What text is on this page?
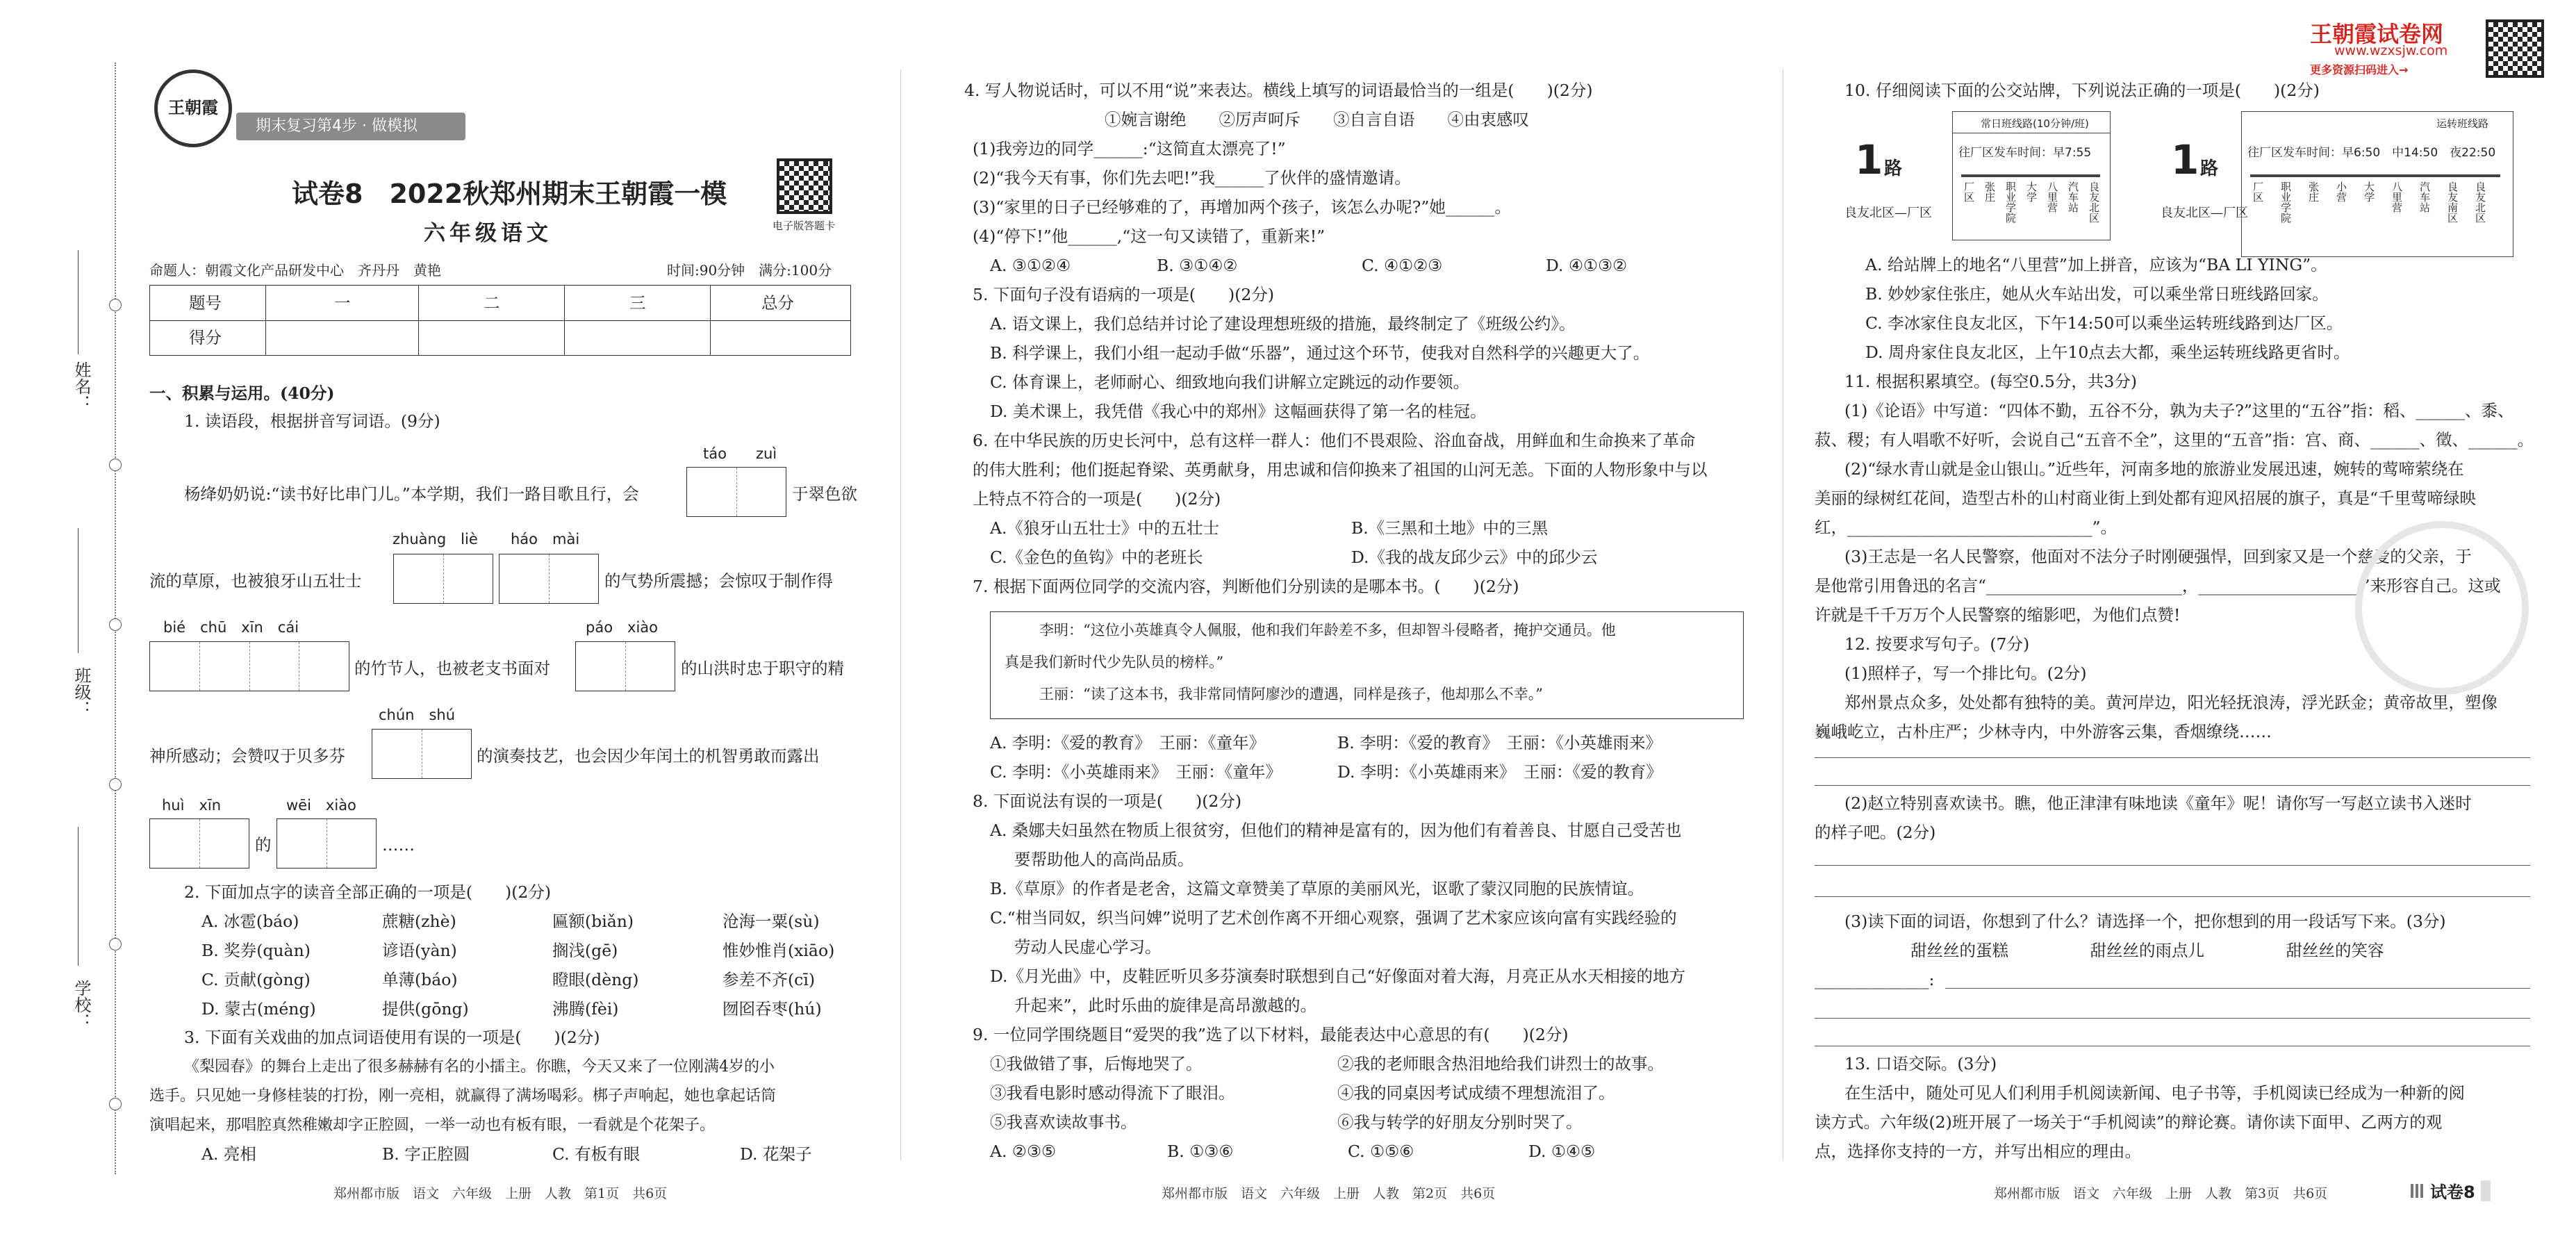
姓名：
班级：
学校：
王朝霞
期末复习第4步 · 做模拟
试卷8　2022秋郑州期末王朝霞一模
六年级语文	电子版答题卡
命题人：朝霞文化产品研发中心　齐丹丹　黄艳	时间:90分钟　满分:100分
题号	一	二	三	总分
得分
一、积累与运用。(40分)
1. 读语段，根据拼音写词语。(9分)
táo　　zuì
杨绛奶奶说:“读书好比串门儿。”本学期，我们一路目歌且行，会	于翠色欲
zhuàng　liè háo　mài
流的草原，也被狼牙山五壮士	的气势所震撼；会惊叹于制作得
bié　chū　xīn　cái	páo　xiào
的竹节人，也被老支书面对	的山洪时忠于职守的精
chún　shú
神所感动；会赞叹于贝多芬	的演奏技艺，也会因少年闰土的机智勇敢而露出
huì　xīn	wēi　xiào
的	……
2. 下面加点字的读音全部正确的一项是(　　)(2分)
A. 冰雹(báo)	蔗糖(zhè)	匾额(biǎn)	沧海一粟(sù)
B. 奖券(quàn)	谚语(yàn)	搁浅(gē)	惟妙惟肖(xiāo)
C. 贡献(gòng)	单薄(báo)	瞪眼(dèng)	参差不齐(cī)
D. 蒙古(méng)	提供(gōng)	沸腾(fèi)	囫囵吞枣(hú)
3. 下面有关戏曲的加点词语使用有误的一项是(　　)(2分)
《梨园春》的舞台上走出了很多赫赫有名的小擂主。你瞧，今天又来了一位刚满4岁的小
选手。只见她一身修桂装的打扮，刚一亮相，就赢得了满场喝彩。梆子声响起，她也拿起话筒
演唱起来，那唱腔真然稚嫩却字正腔圆，一举一动也有板有眼，一看就是个花架子。
A. 亮相	B. 字正腔圆	C. 有板有眼	D. 花架子
郑州都市版　语文　六年级　上册　人教　第1页　共6页
4. 写人物说话时，可以不用“说”来表达。横线上填写的词语最恰当的一组是(　　)(2分)
①婉言谢绝　　②厉声呵斥　　③自言自语　　④由衷感叹
(1)我旁边的同学______:“这简直太漂亮了!”
(2)“我今天有事，你们先去吧!”我______了伙伴的盛情邀请。
(3)“家里的日子已经够难的了，再增加两个孩子，该怎么办呢?”她______。
(4)“停下!”他______,“这一句又读错了，重新来!”
A. ③①②④	B. ③①④②	C. ④①②③	D. ④①③②
5. 下面句子没有语病的一项是(　　)(2分)
A. 语文课上，我们总结并讨论了建设理想班级的措施，最终制定了《班级公约》。
B. 科学课上，我们小组一起动手做“乐器”，通过这个环节，使我对自然科学的兴趣更大了。
C. 体育课上，老师耐心、细致地向我们讲解立定跳远的动作要领。
D. 美术课上，我凭借《我心中的郑州》这幅画获得了第一名的桂冠。
6. 在中华民族的历史长河中，总有这样一群人：他们不畏艰险、浴血奋战，用鲜血和生命换来了革命
的伟大胜利；他们挺起脊梁、英勇献身，用忠诚和信仰换来了祖国的山河无恙。下面的人物形象中与以
上特点不符合的一项是(　　)(2分)
A.《狼牙山五壮士》中的五壮士	B.《三黑和土地》中的三黑
C.《金色的鱼钩》中的老班长	D.《我的战友邱少云》中的邱少云
7. 根据下面两位同学的交流内容，判断他们分别读的是哪本书。(　　)(2分)
李明：“这位小英雄真令人佩服，他和我们年龄差不多，但却智斗侵略者，掩护交通员。他
真是我们新时代少先队员的榜样。”
王丽：“读了这本书，我非常同情阿廖沙的遭遇，同样是孩子，他却那么不幸。”
A. 李明：《爱的教育》　王丽：《童年》	B. 李明：《爱的教育》　王丽：《小英雄雨来》
C. 李明：《小英雄雨来》　王丽：《童年》	D. 李明：《小英雄雨来》　王丽：《爱的教育》
8. 下面说法有误的一项是(　　)(2分)
A. 桑娜夫妇虽然在物质上很贫穷，但他们的精神是富有的，因为他们有着善良、甘愿自己受苦也
要帮助他人的高尚品质。
B.《草原》的作者是老舍，这篇文章赞美了草原的美丽风光，讴歌了蒙汉同胞的民族情谊。
C.“柑当同奴，织当问婢”说明了艺术创作离不开细心观察，强调了艺术家应该向富有实践经验的
劳动人民虚心学习。
D.《月光曲》中，皮鞋匠听贝多芬演奏时联想到自己“好像面对着大海，月亮正从水天相接的地方
升起来”，此时乐曲的旋律是高昂激越的。
9. 一位同学围绕题目“爱哭的我”选了以下材料，最能表达中心意思的有(　　)(2分)
①我做错了事，后悔地哭了。	②我的老师眼含热泪地给我们讲烈士的故事。
③我看电影时感动得流下了眼泪。	④我的同桌因考试成绩不理想流泪了。
⑤我喜欢读故事书。	⑥我与转学的好朋友分别时哭了。
A. ②③⑤	B. ①③⑥	C. ①⑤⑥	D. ①④⑤
郑州都市版　语文　六年级　上册　人教　第2页　共6页
王朝霞试卷网
www.wzxsjw.com
更多资源扫码进入→
10. 仔细阅读下面的公交站牌，下列说法正确的一项是(　　)(2分)
1 路
良友北区—厂区
常日班线路(10分钟/班)
往厂区发车时间：早7:55
厂区 张庄 职业学院 大学 八里营 汽车站 良友北区
1 路
良友北区—厂区
运转班线路
往厂区发车时间：早6:50　中14:50　夜22:50
厂区 职业学院 张庄 小营 大学 八里营 汽车站 良友南区 良友北区
A. 给站牌上的地名“八里营”加上拼音，应该为“BA LI YING”。
B. 妙妙家住张庄，她从火车站出发，可以乘坐常日班线路回家。
C. 李冰家住良友北区，下午14:50可以乘坐运转班线路到达厂区。
D. 周舟家住良友北区，上午10点去大都，乘坐运转班线路更省时。
11. 根据积累填空。(每空0.5分，共3分)
(1)《论语》中写道：“四体不勤，五谷不分，孰为夫子?”这里的“五谷”指：稻、______、黍、
菽、稷；有人唱歌不好听，会说自己“五音不全”，这里的“五音”指：宫、商、______、徵、______。
(2)“绿水青山就是金山银山。”近些年，河南多地的旅游业发展迅速，婉转的莺啼萦绕在
美丽的绿树红花间，造型古朴的山村商业街上到处都有迎风招展的旗子，真是“千里莺啼绿映
红，______________________________”。
(3)王志是一名人民警察，他面对不法分子时刚硬强悍，回到家又是一个慈爱的父亲，于
是他常引用鲁迅的名言“________________________，____________________”来形容自己。这或
许就是千千万万个人民警察的缩影吧，为他们点赞!
12. 按要求写句子。(7分)
(1)照样子，写一个排比句。(2分)
郑州景点众多，处处都有独特的美。黄河岸边，阳光轻抚浪涛，浮光跃金；黄帝故里，塑像
巍峨屹立，古朴庄严；少林寺内，中外游客云集，香烟缭绕……
(2)赵立特别喜欢读书。瞧，他正津津有味地读《童年》呢！请你写一写赵立读书入迷时
的样子吧。(2分)
(3)读下面的词语，你想到了什么？请选择一个，把你想到的用一段话写下来。(3分)
甜丝丝的蛋糕　　　　　甜丝丝的雨点儿　　　　　甜丝丝的笑容
______________:
13. 口语交际。(3分)
在生活中，随处可见人们利用手机阅读新闻、电子书等，手机阅读已经成为一种新的阅
读方式。六年级(2)班开展了一场关于“手机阅读”的辩论赛。请你读下面甲、乙两方的观
点，选择你支持的一方，并写出相应的理由。
郑州都市版　语文　六年级　上册　人教　第3页　共6页	试卷8
